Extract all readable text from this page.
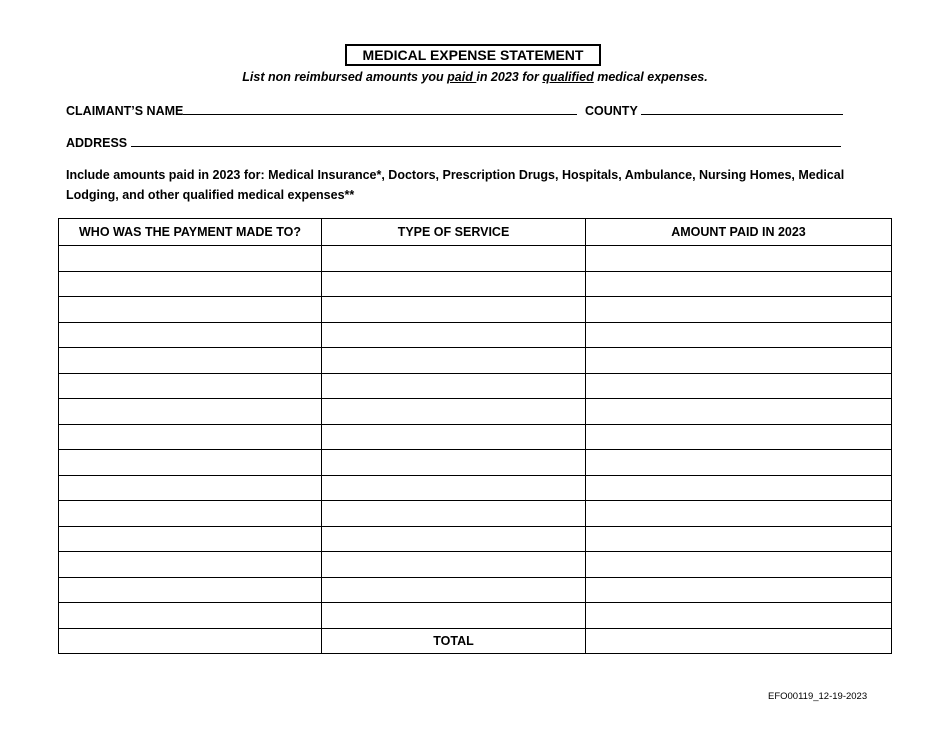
MEDICAL EXPENSE STATEMENT
List non reimbursed amounts you paid in 2023 for qualified medical expenses.
CLAIMANT’S NAME	COUNTY
ADDRESS
Include amounts paid in 2023 for: Medical Insurance*, Doctors, Prescription Drugs, Hospitals, Ambulance, Nursing Homes, Medical Lodging, and other qualified medical expenses**
WHO WAS THE PAYMENT MADE TO?	TYPE OF SERVICE	AMOUNT PAID IN 2023

	TOTAL	
EFO00119_12-19-2023
